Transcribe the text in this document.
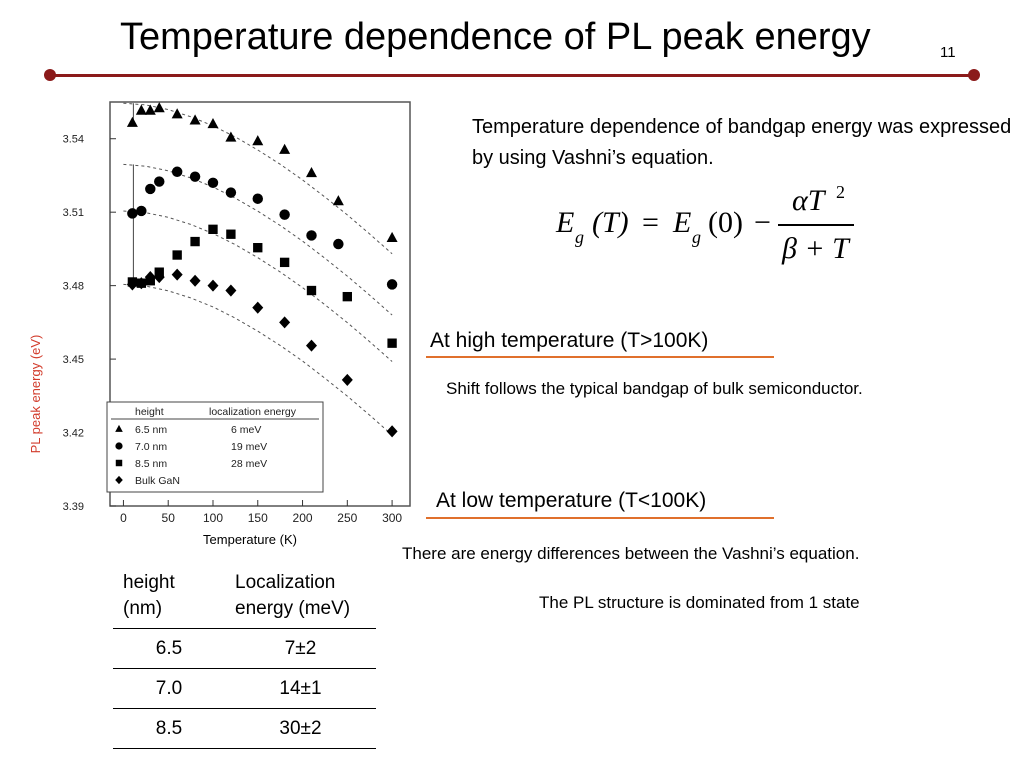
Temperature dependence of PL peak energy	11
0	50 100 150 200 250 300
3.39
3.42
3.45
3.48
3.51
3.54
height	localization energy
6.5 nm	6 meV
7.0 nm	19 meV
8.5 nm	28 meV
Bulk GaN
Temperature (K)
PL peak energy (eV)
Temperature dependence of bandgap energy was expressed by using Vashni’s equation.
E g (T) = E g (0) −
αT 2
β + T
At high temperature (T>100K)
Shift follows the typical bandgap of bulk semiconductor.
At low temperature (T<100K)
There are energy differences between the Vashni’s equation.
The PL structure is dominated from 1 state
height (nm)	Localization energy (meV)
6.5	7±2
7.0	14±1
8.5	30±2
